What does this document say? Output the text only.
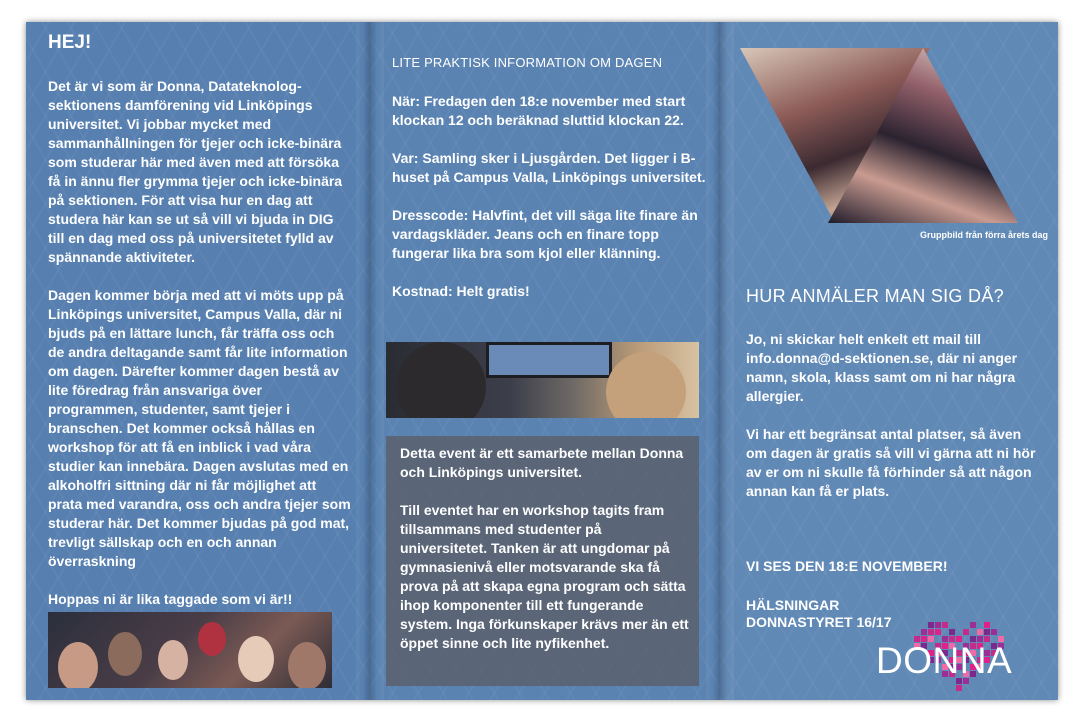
HEJ!

Det är vi som är Donna, Datateknolog-sektionens damförening vid Linköpings universitet. Vi jobbar mycket med sammanhållningen för tjejer och icke-binära som studerar här med även med att försöka få in ännu fler grymma tjejer och icke-binära på sektionen. För att visa hur en dag att studera här kan se ut så vill vi bjuda in DIG till en dag med oss på universitetet fylld av spännande aktiviteter.

Dagen kommer börja med att vi möts upp på Linköpings universitet, Campus Valla, där ni bjuds på en lättare lunch, får träffa oss och de andra deltagande samt får lite information om dagen. Därefter kommer dagen bestå av lite föredrag från ansvariga över programmen, studenter, samt tjejer i branschen. Det kommer också hållas en workshop för att få en inblick i vad våra studier kan innebära. Dagen avslutas med en alkoholfri sittning där ni får möjlighet att prata med varandra, oss och andra tjejer som studerar här. Det kommer bjudas på god mat, trevligt sällskap och en och annan överraskning

Hoppas ni är lika taggade som vi är!!

LITE PRAKTISK INFORMATION OM DAGEN

När: Fredagen den 18:e november med start klockan 12 och beräknad sluttid klockan 22.

Var: Samling sker i Ljusgården. Det ligger i B-huset på Campus Valla, Linköpings universitet.

Dresscode: Halvfint, det vill säga lite finare än vardagskläder. Jeans och en finare topp fungerar lika bra som kjol eller klänning.

Kostnad: Helt gratis!

Detta event är ett samarbete mellan Donna och Linköpings universitet.

Till eventet har en workshop tagits fram tillsammans med studenter på universitetet. Tanken är att ungdomar på gymnasienivå eller motsvarande ska få prova på att skapa egna program och sätta ihop komponenter till ett fungerande system. Inga förkunskaper krävs mer än ett öppet sinne och lite nyfikenhet.

Gruppbild från förra årets dag

HUR ANMÄLER MAN SIG DÅ?

Jo, ni skickar helt enkelt ett mail till info.donna@d-sektionen.se, där ni anger namn, skola, klass samt om ni har några allergier.

Vi har ett begränsat antal platser, så även om dagen är gratis så vill vi gärna att ni hör av er om ni skulle få förhinder så att någon annan kan få er plats.

VI SES DEN 18:E NOVEMBER!

HÄLSNINGAR
DONNASTYRET 16/17
DONNA
